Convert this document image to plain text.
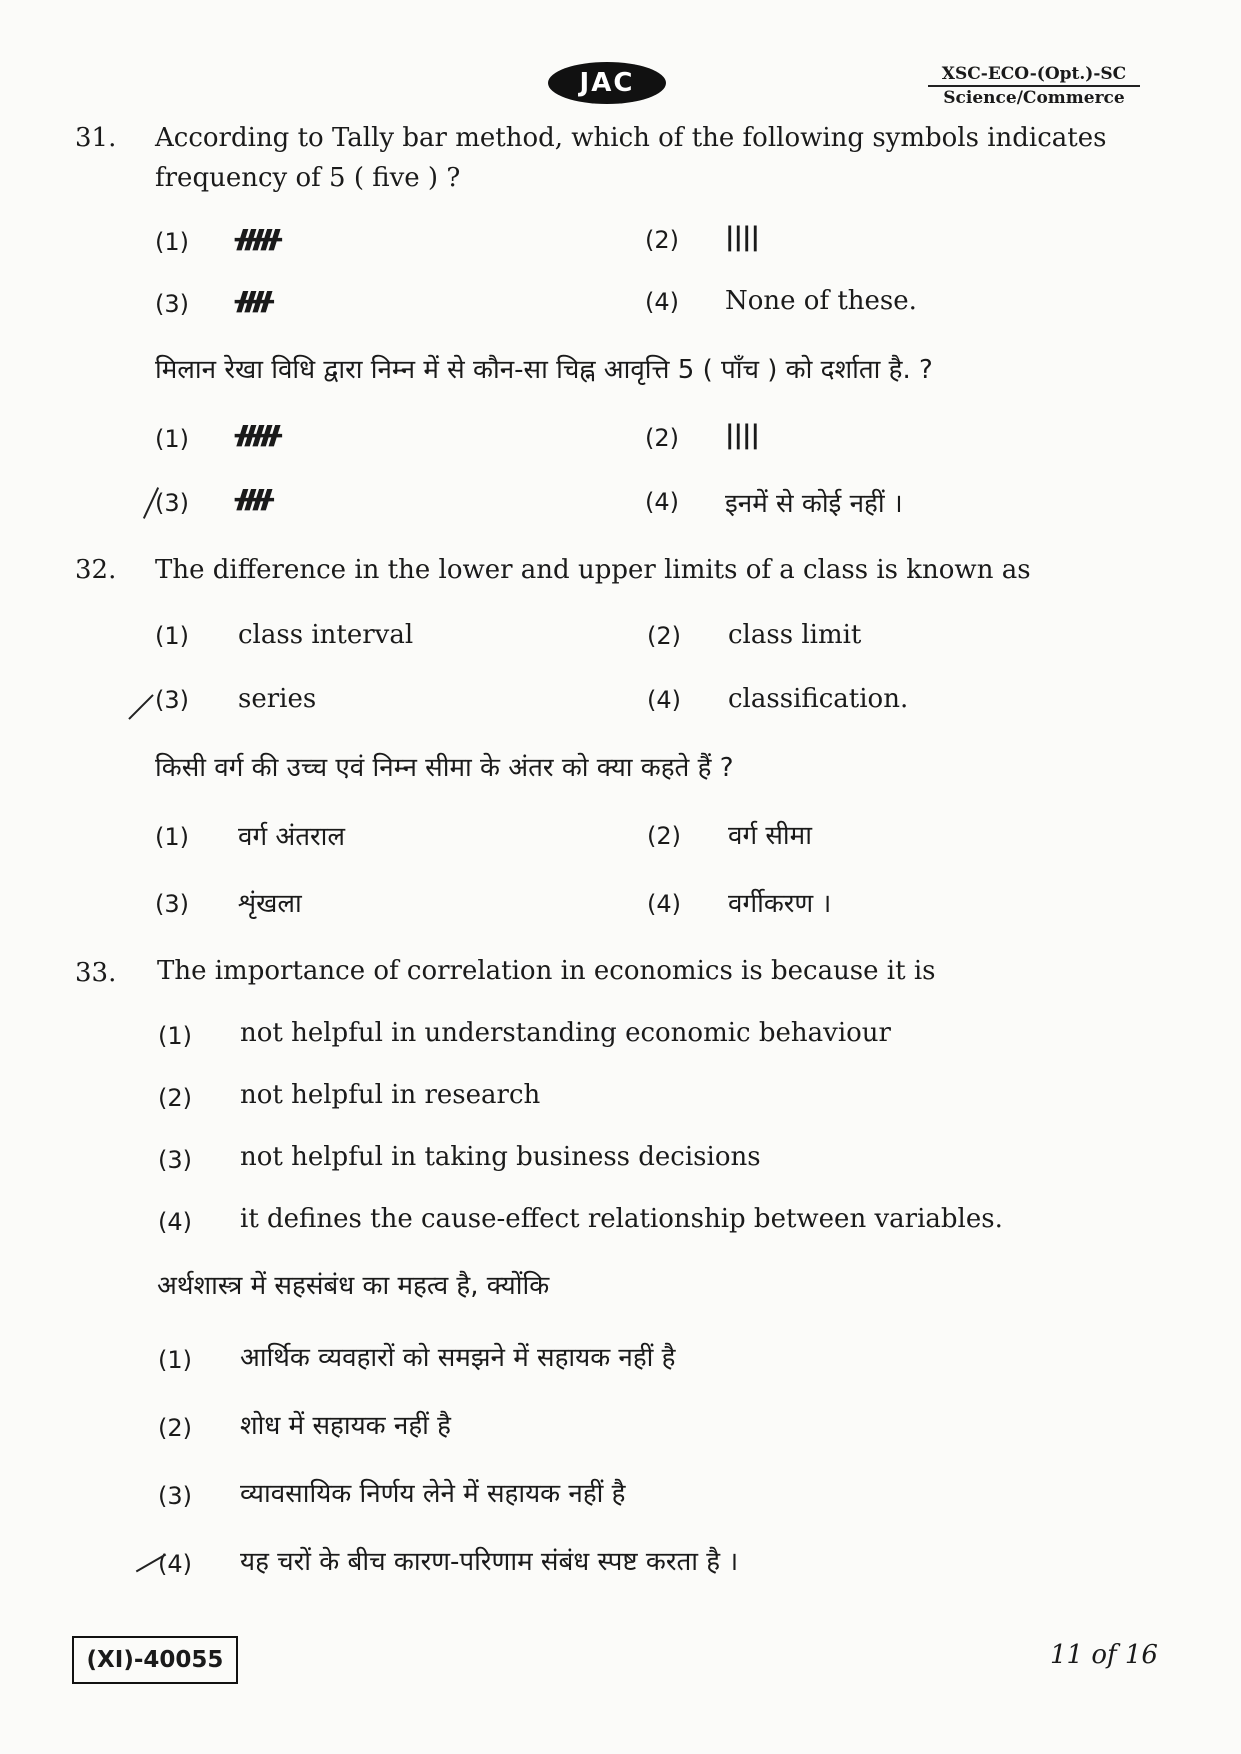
JAC	XSC-ECO-(Opt.)-SC
Science/Commerce
31. According to Tally bar method, which of the following symbols indicates
frequency of 5 ( five ) ?
(1) ᚏ	(2) ||||
(3) ᚎ	(4) None of these.
मिलान रेखा विधि द्वारा निम्न में से कौन-सा चिह्न आवृत्ति 5 ( पाँच ) को दर्शाता है. ?
(1) ᚏ	(2) ||||
(3) ᚎ	(4) इनमें से कोई नहीं ।
32. The difference in the lower and upper limits of a class is known as
(1) class interval	(2) class limit
(3) series	(4) classification.
किसी वर्ग की उच्च एवं निम्न सीमा के अंतर को क्या कहते हैं ?
(1) वर्ग अंतराल	(2) वर्ग सीमा
(3) शृंखला	(4) वर्गीकरण ।
33. The importance of correlation in economics is because it is
(1) not helpful in understanding economic behaviour
(2) not helpful in research
(3) not helpful in taking business decisions
(4) it defines the cause-effect relationship between variables.
अर्थशास्त्र में सहसंबंध का महत्व है, क्योंकि
(1) आर्थिक व्यवहारों को समझने में सहायक नहीं है
(2) शोध में सहायक नहीं है
(3) व्यावसायिक निर्णय लेने में सहायक नहीं है
(4) यह चरों के बीच कारण-परिणाम संबंध स्पष्ट करता है ।
(XI)-40055	11 of 16
